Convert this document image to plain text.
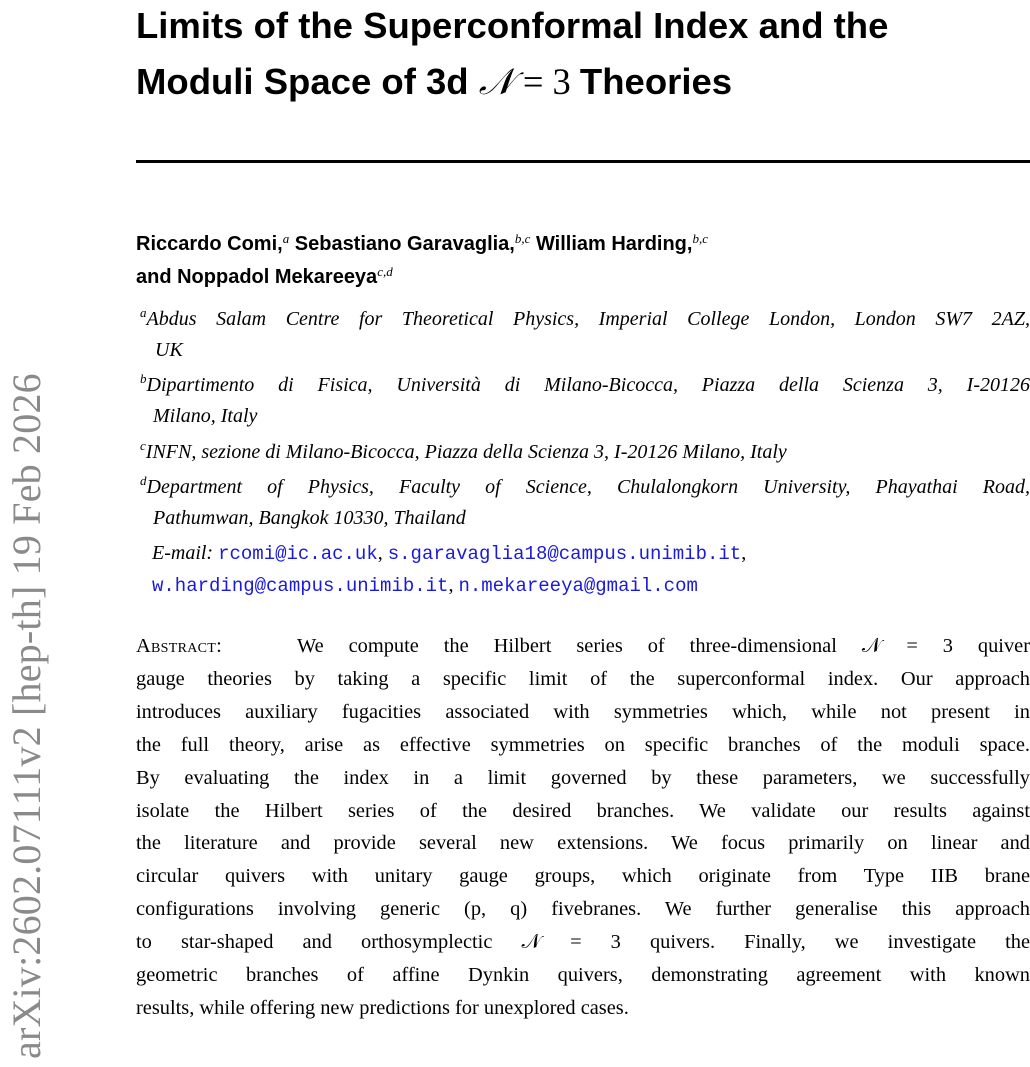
arXiv:2602.07111v2 [hep-th] 19 Feb 2026
Limits of the Superconformal Index and the
Moduli Space of 3d 𝒩 = 3 Theories
Riccardo Comi,$^a$ Sebastiano Garavaglia,$^{b,c}$ William Harding,$^{b,c}$
and Noppadol Mekareeya$^{c,d}$
$^a$Abdus Salam Centre for Theoretical Physics, Imperial College London, London SW7 2AZ,
UK
$^b$Dipartimento di Fisica, Università di Milano-Bicocca, Piazza della Scienza 3, I-20126
Milano, Italy
$^c$INFN, sezione di Milano-Bicocca, Piazza della Scienza 3, I-20126 Milano, Italy
$^d$Department of Physics, Faculty of Science, Chulalongkorn University, Phayathai Road,
Pathumwan, Bangkok 10330, Thailand
E-mail: rcomi@ic.ac.uk, s.garavaglia18@campus.unimib.it,
w.harding@campus.unimib.it, n.mekareeya@gmail.com
Abstract:	We compute the Hilbert series of three-dimensional 𝒩 = 3 quiver
gauge theories by taking a specific limit of the superconformal index. Our approach
introduces auxiliary fugacities associated with symmetries which, while not present in
the full theory, arise as effective symmetries on specific branches of the moduli space.
By evaluating the index in a limit governed by these parameters, we successfully
isolate the Hilbert series of the desired branches. We validate our results against
the literature and provide several new extensions. We focus primarily on linear and
circular quivers with unitary gauge groups, which originate from Type IIB brane
configurations involving generic (p, q) fivebranes. We further generalise this approach
to star-shaped and orthosymplectic 𝒩 = 3 quivers. Finally, we investigate the
geometric branches of affine Dynkin quivers, demonstrating agreement with known
results, while offering new predictions for unexplored cases.
